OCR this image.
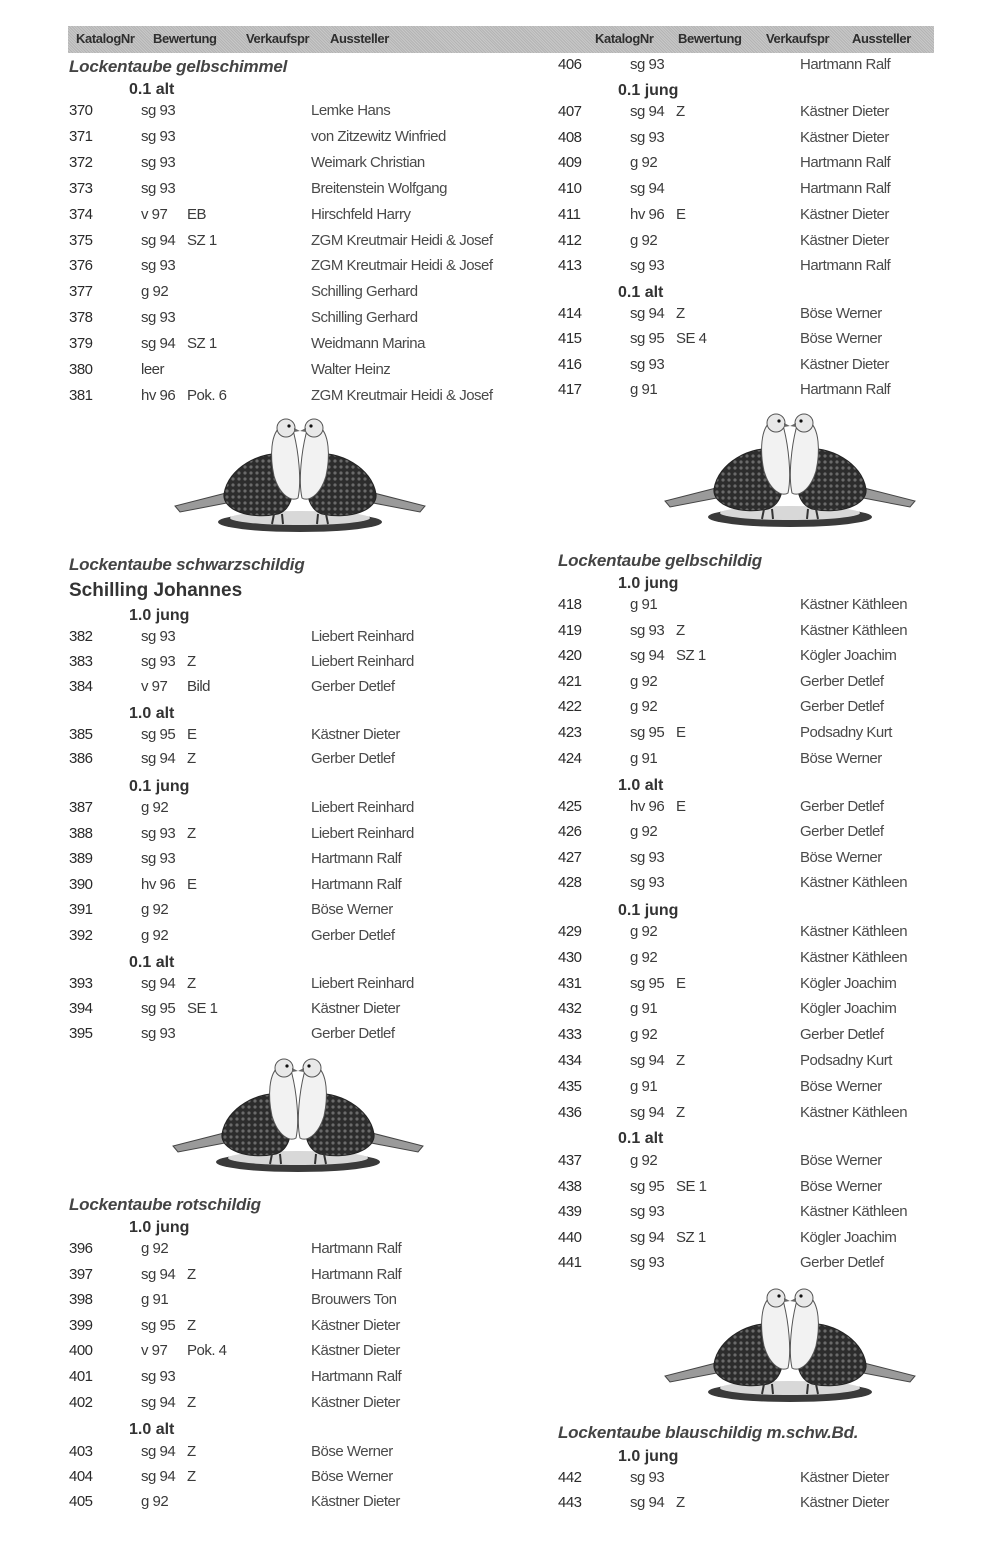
KatalogNr Bewertung Verkaufspr Aussteller	KatalogNr Bewertung Verkaufspr Aussteller
Lockentaube gelbschimmel
0.1 alt
370	sg 93	Lemke Hans
371	sg 93	von Zitzewitz Winfried
372	sg 93	Weimark Christian
373	sg 93	Breitenstein Wolfgang
374	v 97 EB	Hirschfeld Harry
375	sg 94 SZ 1	ZGM Kreutmair Heidi & Josef
376	sg 93	ZGM Kreutmair Heidi & Josef
377	g 92	Schilling Gerhard
378	sg 93	Schilling Gerhard
379	sg 94 SZ 1	Weidmann Marina
380	leer	Walter Heinz
381	hv 96 Pok. 6	ZGM Kreutmair Heidi & Josef
Lockentaube schwarzschildig
Schilling Johannes
1.0 jung
382	sg 93	Liebert Reinhard
383	sg 93 Z	Liebert Reinhard
384	v 97 Bild	Gerber Detlef
1.0 alt
385	sg 95 E	Kästner Dieter
386	sg 94 Z	Gerber Detlef
0.1 jung
387	g 92	Liebert Reinhard
388	sg 93 Z	Liebert Reinhard
389	sg 93	Hartmann Ralf
390	hv 96 E	Hartmann Ralf
391	g 92	Böse Werner
392	g 92	Gerber Detlef
0.1 alt
393	sg 94 Z	Liebert Reinhard
394	sg 95 SE 1	Kästner Dieter
395	sg 93	Gerber Detlef
Lockentaube rotschildig
1.0 jung
396	g 92	Hartmann Ralf
397	sg 94 Z	Hartmann Ralf
398	g 91	Brouwers Ton
399	sg 95 Z	Kästner Dieter
400	v 97 Pok. 4	Kästner Dieter
401	sg 93	Hartmann Ralf
402	sg 94 Z	Kästner Dieter
1.0 alt
403	sg 94 Z	Böse Werner
404	sg 94 Z	Böse Werner
405	g 92	Kästner Dieter
406	sg 93	Hartmann Ralf
0.1 jung
407	sg 94 Z	Kästner Dieter
408	sg 93	Kästner Dieter
409	g 92	Hartmann Ralf
410	sg 94	Hartmann Ralf
411	hv 96 E	Kästner Dieter
412	g 92	Kästner Dieter
413	sg 93	Hartmann Ralf
0.1 alt
414	sg 94 Z	Böse Werner
415	sg 95 SE 4	Böse Werner
416	sg 93	Kästner Dieter
417	g 91	Hartmann Ralf
Lockentaube gelbschildig
1.0 jung
418	g 91	Kästner Käthleen
419	sg 93 Z	Kästner Käthleen
420	sg 94 SZ 1	Kögler Joachim
421	g 92	Gerber Detlef
422	g 92	Gerber Detlef
423	sg 95 E	Podsadny Kurt
424	g 91	Böse Werner
1.0 alt
425	hv 96 E	Gerber Detlef
426	g 92	Gerber Detlef
427	sg 93	Böse Werner
428	sg 93	Kästner Käthleen
0.1 jung
429	g 92	Kästner Käthleen
430	g 92	Kästner Käthleen
431	sg 95 E	Kögler Joachim
432	g 91	Kögler Joachim
433	g 92	Gerber Detlef
434	sg 94 Z	Podsadny Kurt
435	g 91	Böse Werner
436	sg 94 Z	Kästner Käthleen
0.1 alt
437	g 92	Böse Werner
438	sg 95 SE 1	Böse Werner
439	sg 93	Kästner Käthleen
440	sg 94 SZ 1	Kögler Joachim
441	sg 93	Gerber Detlef
Lockentaube blauschildig m.schw.Bd.
1.0 jung
442	sg 93	Kästner Dieter
443	sg 94 Z	Kästner Dieter
